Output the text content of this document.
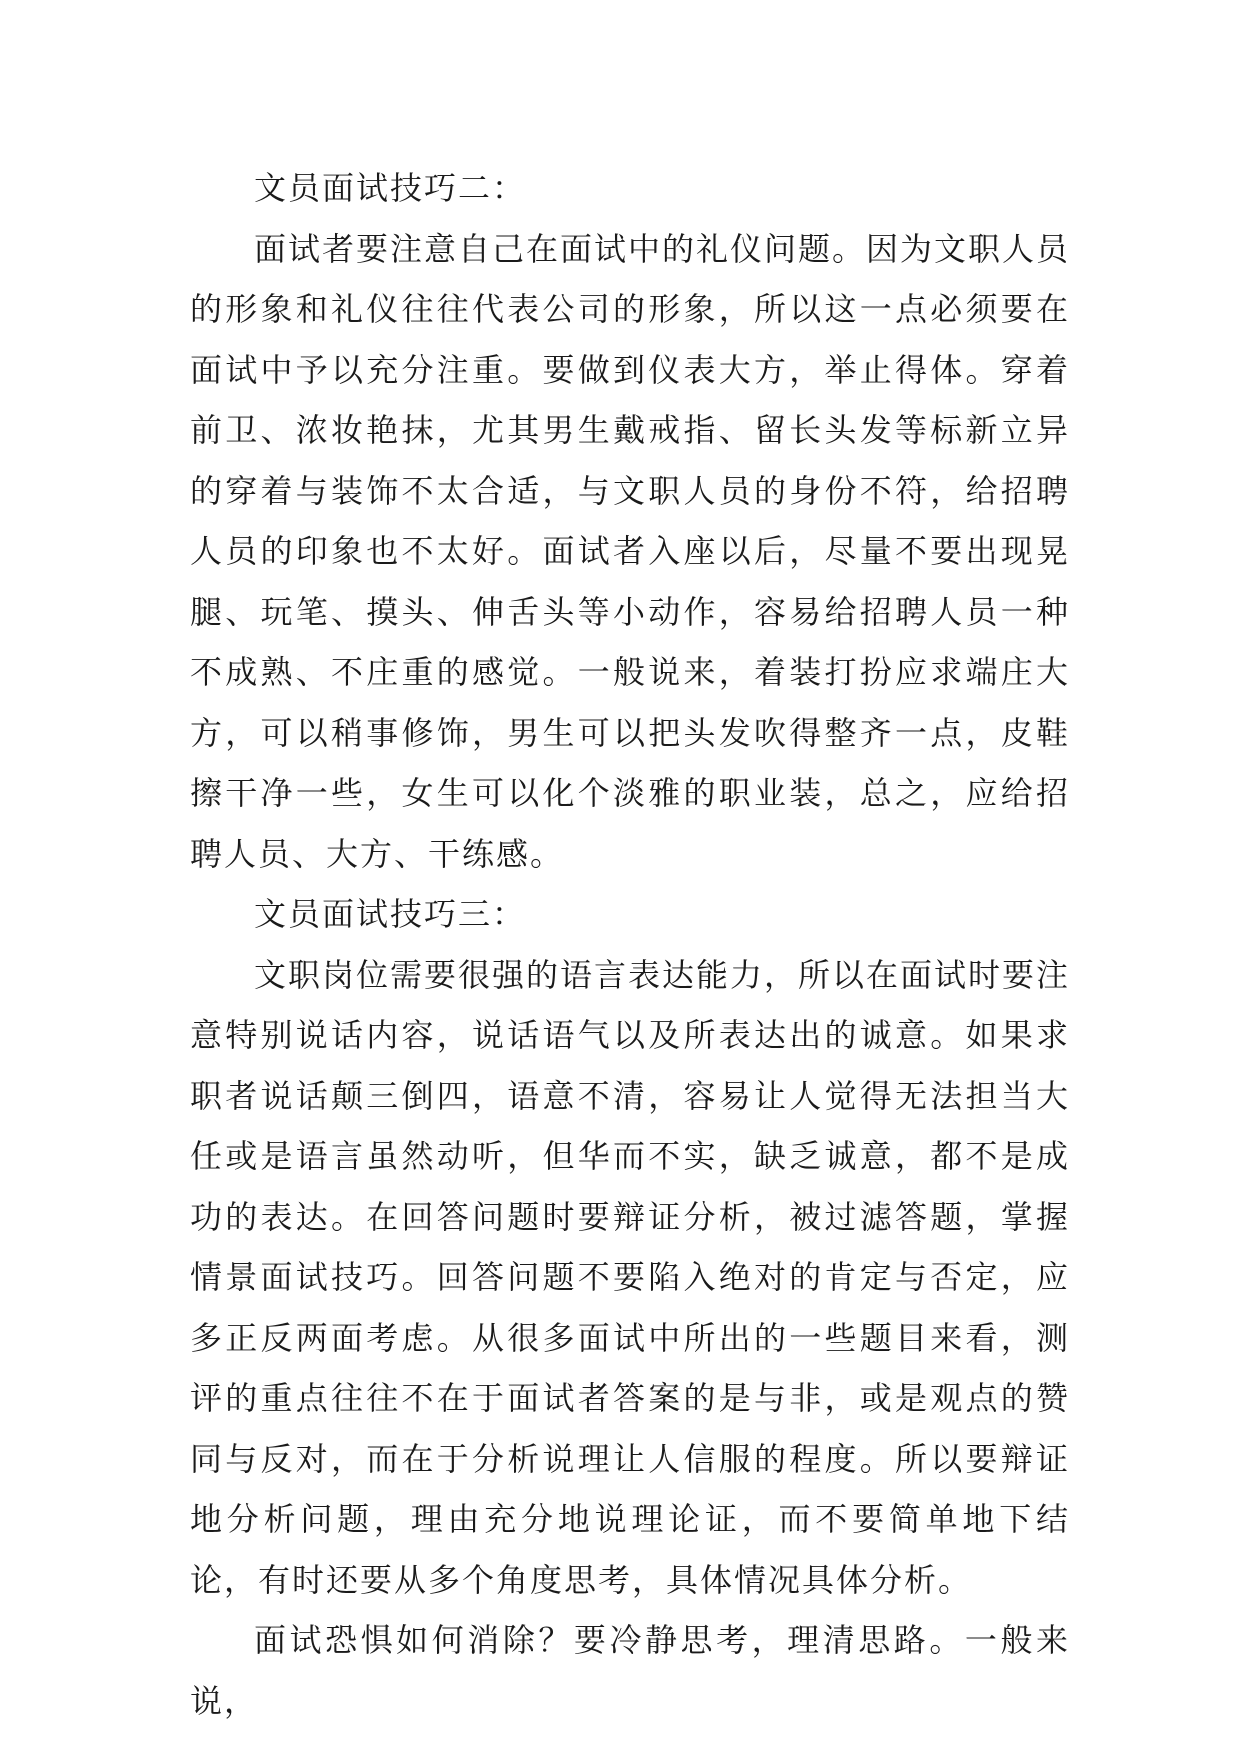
文员面试技巧二：

面试者要注意自己在面试中的礼仪问题。因为文职人员的形象和礼仪往往代表公司的形象，所以这一点必须要在面试中予以充分注重。要做到仪表大方，举止得体。穿着前卫、浓妆艳抹，尤其男生戴戒指、留长头发等标新立异的穿着与装饰不太合适，与文职人员的身份不符，给招聘人员的印象也不太好。面试者入座以后，尽量不要出现晃腿、玩笔、摸头、伸舌头等小动作，容易给招聘人员一种不成熟、不庄重的感觉。一般说来，着装打扮应求端庄大方，可以稍事修饰，男生可以把头发吹得整齐一点，皮鞋擦干净一些，女生可以化个淡雅的职业装，总之，应给招聘人员、大方、干练感。

文员面试技巧三：

文职岗位需要很强的语言表达能力，所以在面试时要注意特别说话内容，说话语气以及所表达出的诚意。如果求职者说话颠三倒四，语意不清，容易让人觉得无法担当大任或是语言虽然动听，但华而不实，缺乏诚意，都不是成功的表达。在回答问题时要辩证分析，被过滤答题，掌握情景面试技巧。回答问题不要陷入绝对的肯定与否定，应多正反两面考虑。从很多面试中所出的一些题目来看，测评的重点往往不在于面试者答案的是与非，或是观点的赞同与反对，而在于分析说理让人信服的程度。所以要辩证地分析问题，理由充分地说理论证，而不要简单地下结论，有时还要从多个角度思考，具体情况具体分析。

面试恐惧如何消除？要冷静思考，理清思路。一般来说，
